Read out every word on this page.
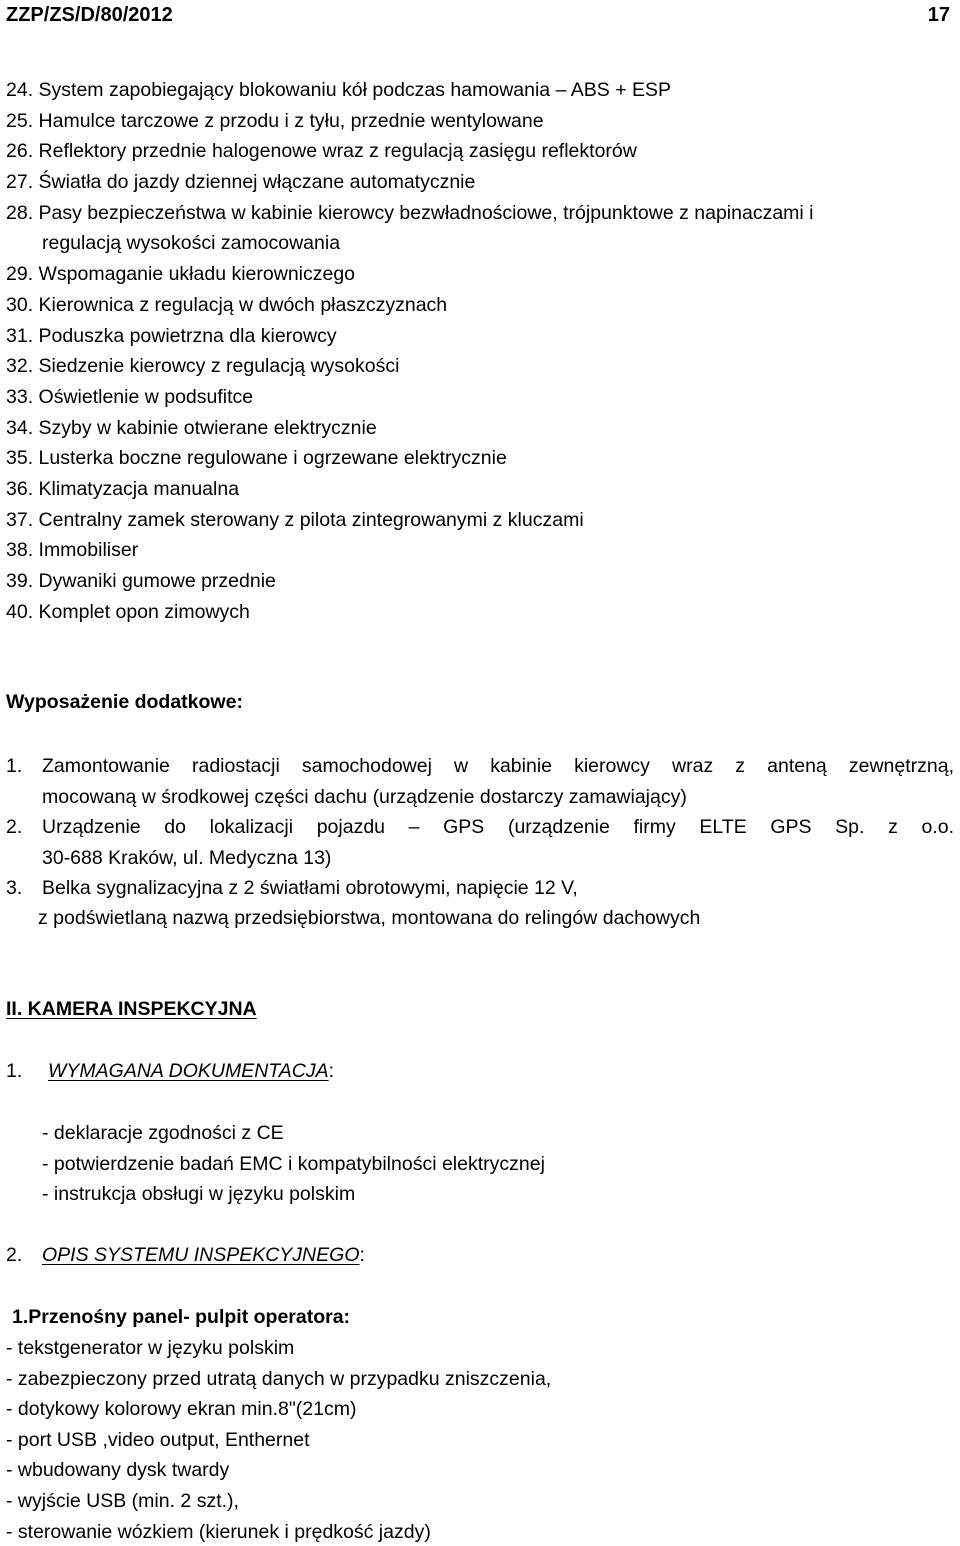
ZZP/ZS/D/80/2012	17
24. System zapobiegający blokowaniu kół podczas hamowania – ABS + ESP
25. Hamulce tarczowe z przodu i z tyłu, przednie wentylowane
26. Reflektory przednie halogenowe wraz z regulacją zasięgu reflektorów
27. Światła do jazdy dziennej włączane automatycznie
28. Pasy bezpieczeństwa w kabinie kierowcy bezwładnościowe, trójpunktowe z napinaczami i
regulacją wysokości zamocowania
29. Wspomaganie układu kierowniczego
30. Kierownica z regulacją w dwóch płaszczyznach
31. Poduszka powietrzna dla kierowcy
32. Siedzenie kierowcy z regulacją wysokości
33. Oświetlenie w podsufitce
34. Szyby w kabinie otwierane elektrycznie
35. Lusterka boczne regulowane i ogrzewane elektrycznie
36. Klimatyzacja manualna
37. Centralny zamek sterowany z pilota zintegrowanymi z kluczami
38. Immobiliser
39. Dywaniki gumowe przednie
40. Komplet opon zimowych
Wyposażenie dodatkowe:
1. Zamontowanie radiostacji samochodowej w kabinie kierowcy wraz z anteną zewnętrzną,
mocowaną w środkowej części dachu (urządzenie dostarczy zamawiający)
2. Urządzenie do lokalizacji pojazdu – GPS (urządzenie firmy ELTE GPS Sp. z o.o.
30-688 Kraków, ul. Medyczna 13)
3. Belka sygnalizacyjna z 2 światłami obrotowymi, napięcie 12 V,
z podświetlaną nazwą przedsiębiorstwa, montowana do relingów dachowych
II. KAMERA INSPEKCYJNA
1. WYMAGANA DOKUMENTACJA:
- deklaracje zgodności z CE
- potwierdzenie badań EMC i kompatybilności elektrycznej
- instrukcja obsługi w języku polskim
2. OPIS SYSTEMU INSPEKCYJNEGO:
1.Przenośny panel- pulpit operatora:
- tekstgenerator w języku polskim
- zabezpieczony przed utratą danych w przypadku zniszczenia,
- dotykowy kolorowy ekran min.8"(21cm)
- port USB ,video output, Enthernet
- wbudowany dysk twardy
- wyjście USB (min. 2 szt.),
- sterowanie wózkiem (kierunek i prędkość jazdy)
